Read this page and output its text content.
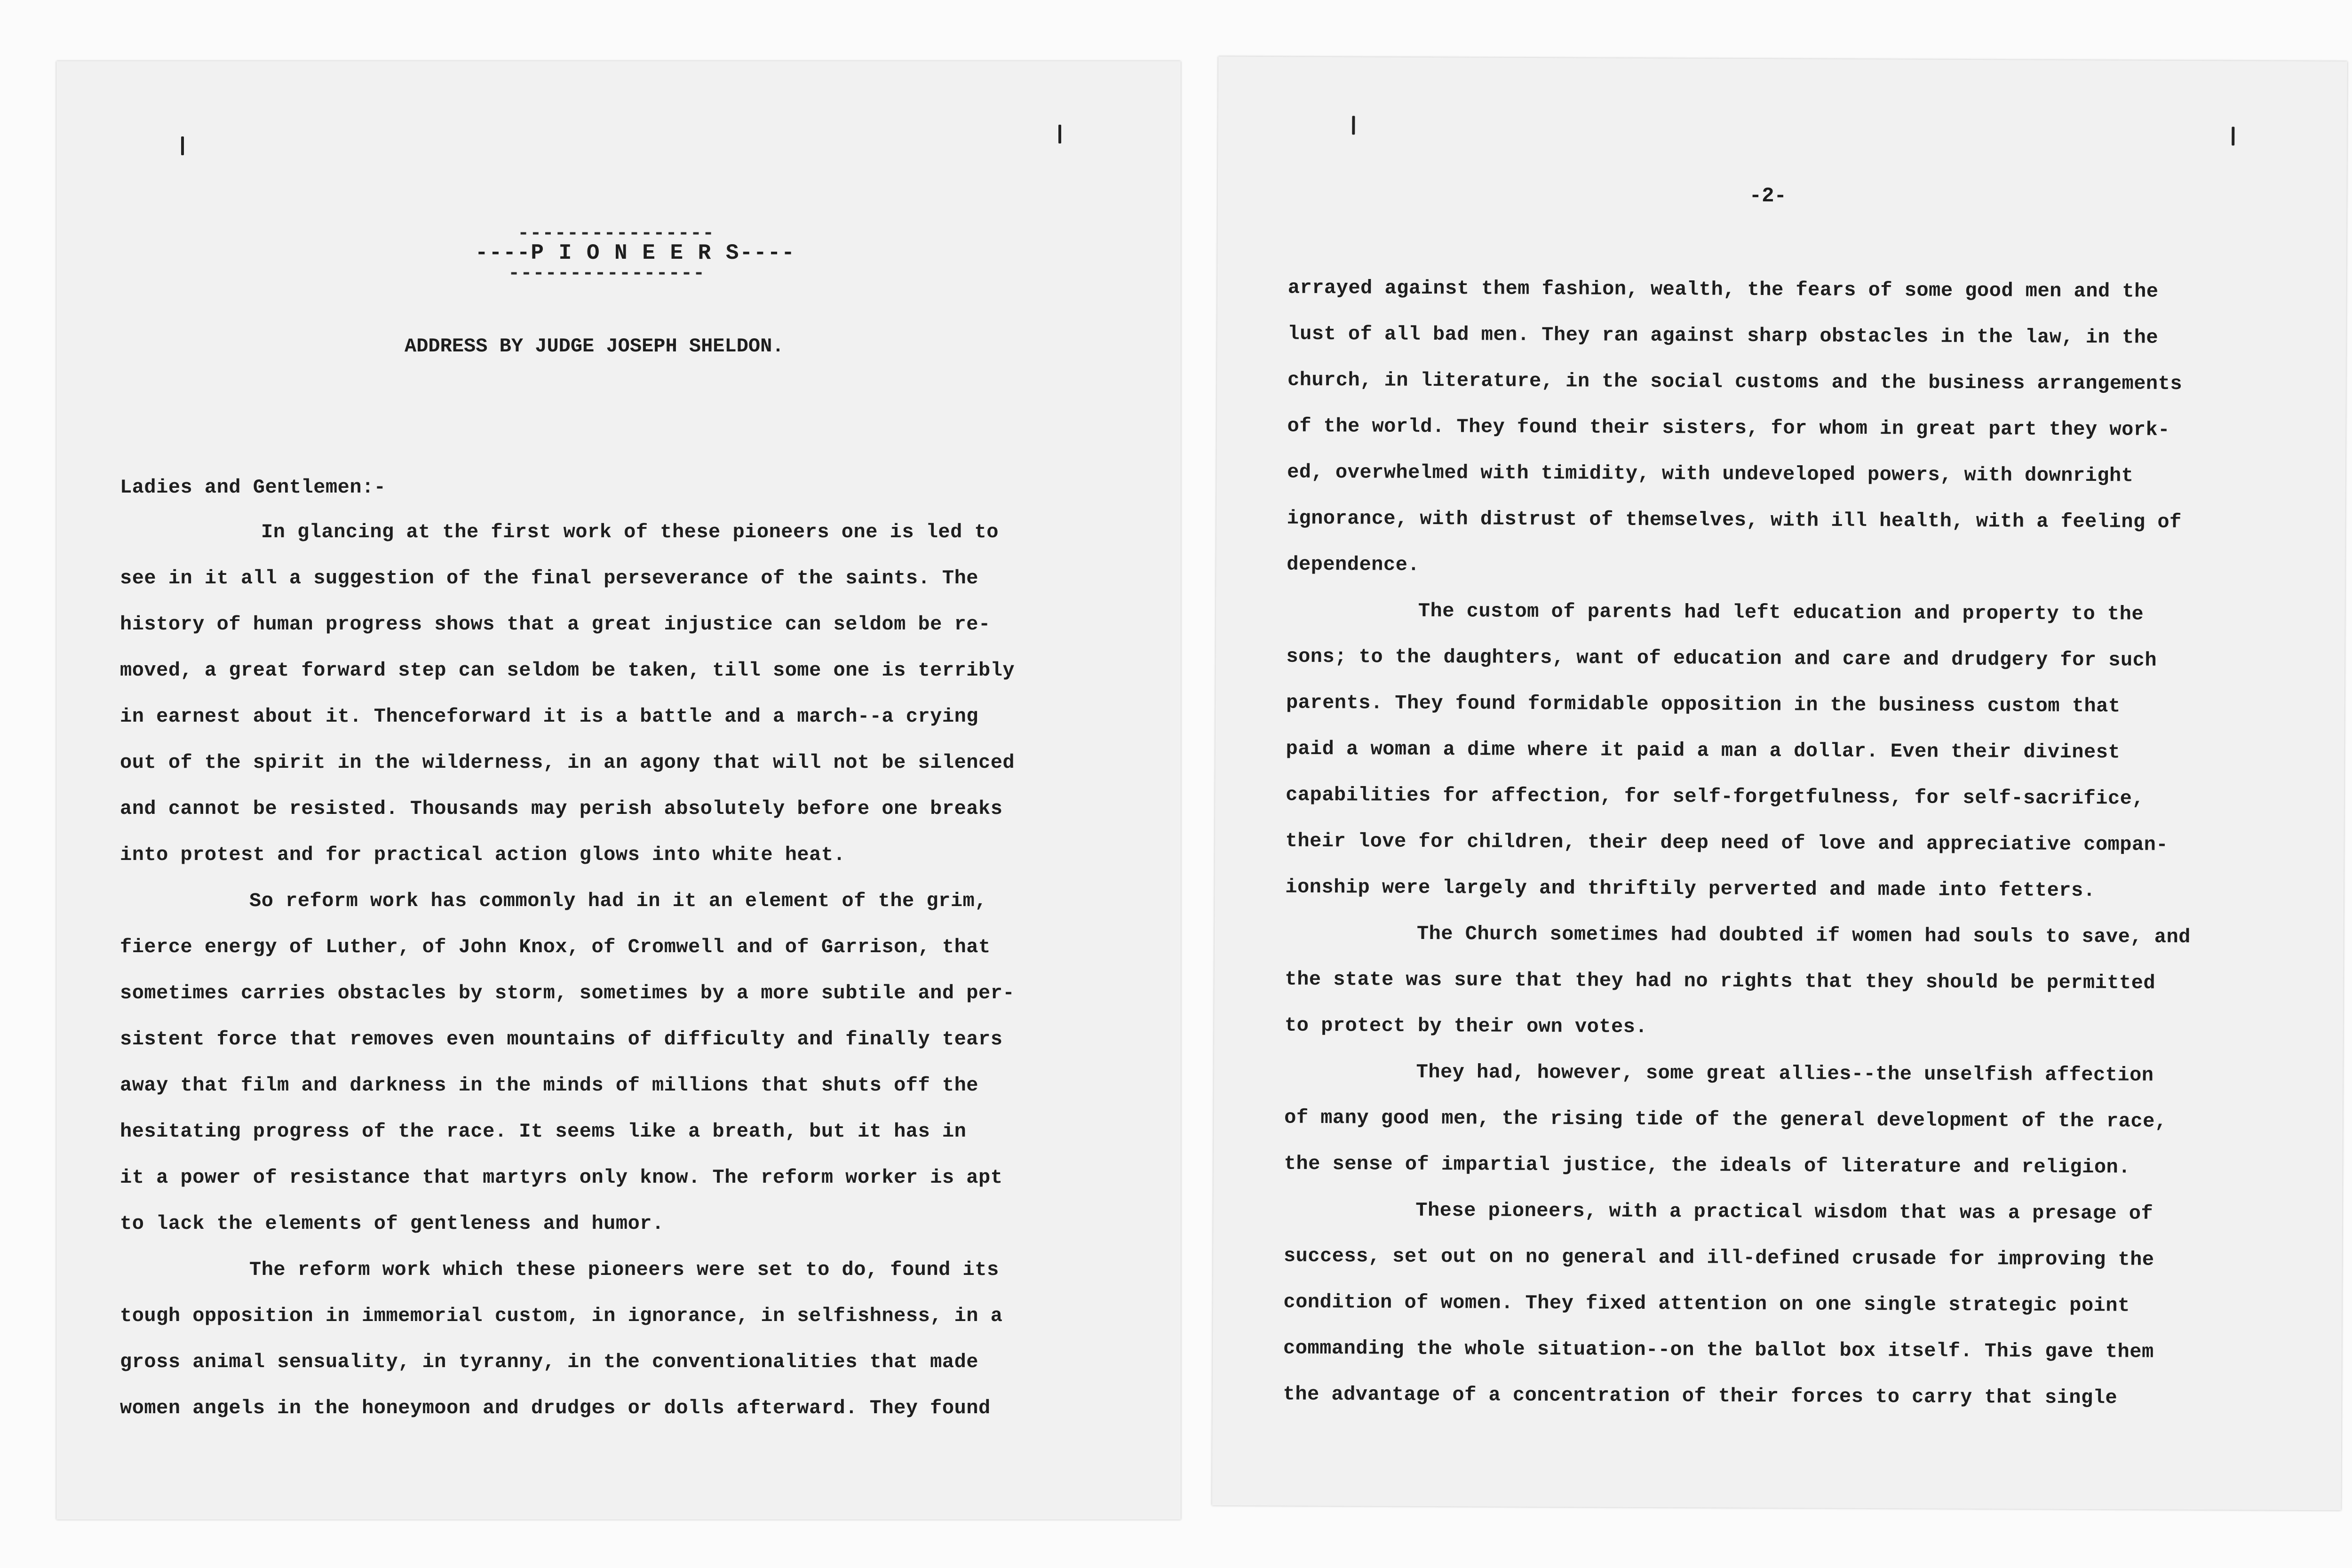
----------------
----P I O N E E R S----
----------------
ADDRESS BY JUDGE JOSEPH SHELDON.
Ladies and Gentlemen:-
In glancing at the first work of these pioneers one is led to
see in it all a suggestion of the final perseverance of the saints. The
history of human progress shows that a great injustice can seldom be re-
moved, a great forward step can seldom be taken, till some one is terribly
in earnest about it. Thenceforward it is a battle and a march--a crying
out of the spirit in the wilderness, in an agony that will not be silenced
and cannot be resisted. Thousands may perish absolutely before one breaks
into protest and for practical action glows into white heat.
So reform work has commonly had in it an element of the grim,
fierce energy of Luther, of John Knox, of Cromwell and of Garrison, that
sometimes carries obstacles by storm, sometimes by a more subtile and per-
sistent force that removes even mountains of difficulty and finally tears
away that film and darkness in the minds of millions that shuts off the
hesitating progress of the race. It seems like a breath, but it has in
it a power of resistance that martyrs only know. The reform worker is apt
to lack the elements of gentleness and humor.
The reform work which these pioneers were set to do, found its
tough opposition in immemorial custom, in ignorance, in selfishness, in a
gross animal sensuality, in tyranny, in the conventionalities that made
women angels in the honeymoon and drudges or dolls afterward. They found
-2-
arrayed against them fashion, wealth, the fears of some good men and the
lust of all bad men. They ran against sharp obstacles in the law, in the
church, in literature, in the social customs and the business arrangements
of the world. They found their sisters, for whom in great part they work-
ed, overwhelmed with timidity, with undeveloped powers, with downright
ignorance, with distrust of themselves, with ill health, with a feeling of
dependence.
The custom of parents had left education and property to the
sons; to the daughters, want of education and care and drudgery for such
parents. They found formidable opposition in the business custom that
paid a woman a dime where it paid a man a dollar. Even their divinest
capabilities for affection, for self-forgetfulness, for self-sacrifice,
their love for children, their deep need of love and appreciative compan-
ionship were largely and thriftily perverted and made into fetters.
The Church sometimes had doubted if women had souls to save, and
the state was sure that they had no rights that they should be permitted
to protect by their own votes.
They had, however, some great allies--the unselfish affection
of many good men, the rising tide of the general development of the race,
the sense of impartial justice, the ideals of literature and religion.
These pioneers, with a practical wisdom that was a presage of
success, set out on no general and ill-defined crusade for improving the
condition of women. They fixed attention on one single strategic point
commanding the whole situation--on the ballot box itself. This gave them
the advantage of a concentration of their forces to carry that single
